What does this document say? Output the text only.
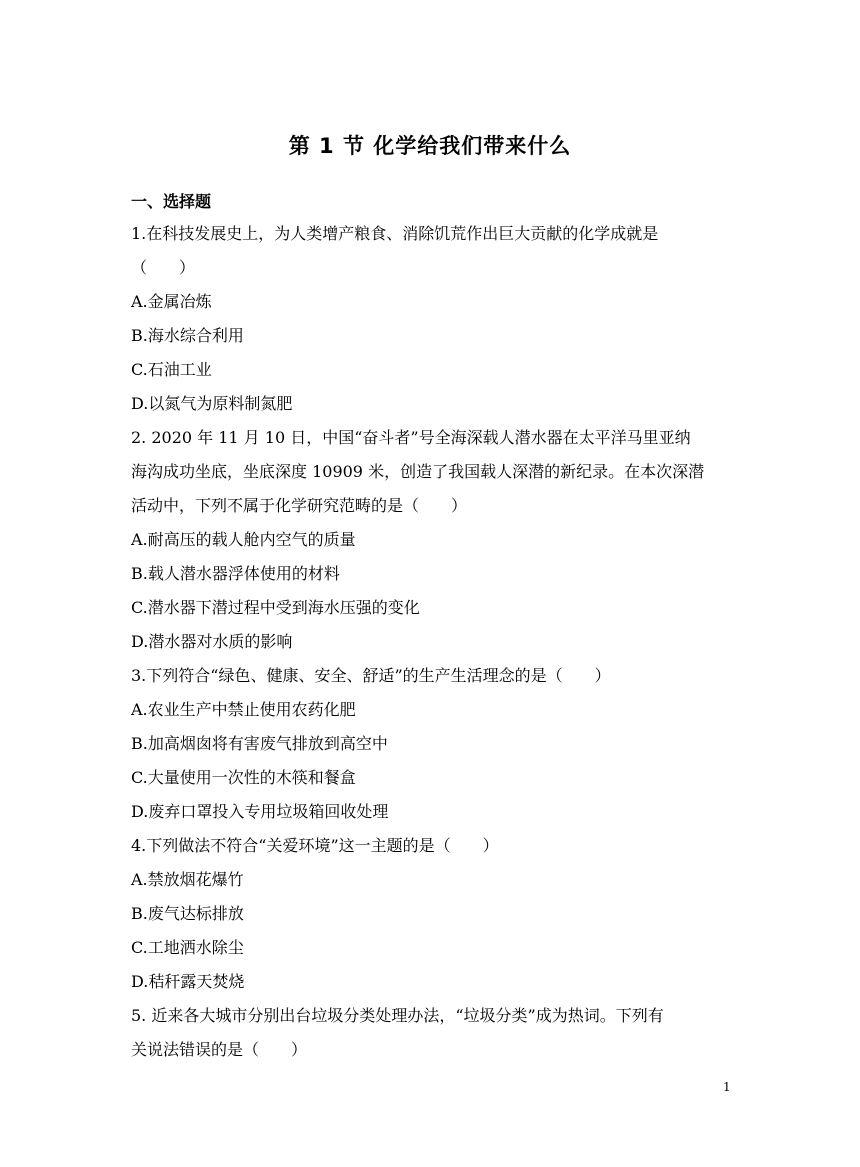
第 1 节 化学给我们带来什么
一、选择题
1.在科技发展史上，为人类增产粮食、消除饥荒作出巨大贡献的化学成就是
（　　）
A.金属冶炼
B.海水综合利用
C.石油工业
D.以氮气为原料制氮肥
2. 2020 年 11 月 10 日，中国“奋斗者”号全海深载人潜水器在太平洋马里亚纳
海沟成功坐底，坐底深度 10909 米，创造了我国载人深潜的新纪录。在本次深潜
活动中，下列不属于化学研究范畴的是（　　）
A.耐高压的载人舱内空气的质量
B.载人潜水器浮体使用的材料
C.潜水器下潜过程中受到海水压强的变化
D.潜水器对水质的影响
3.下列符合“绿色、健康、安全、舒适”的生产生活理念的是（　　）
A.农业生产中禁止使用农药化肥
B.加高烟囱将有害废气排放到高空中
C.大量使用一次性的木筷和餐盒
D.废弃口罩投入专用垃圾箱回收处理
4.下列做法不符合“关爱环境”这一主题的是（　　）
A.禁放烟花爆竹
B.废气达标排放
C.工地洒水除尘
D.秸秆露天焚烧
5. 近来各大城市分别出台垃圾分类处理办法，“垃圾分类”成为热词。下列有
关说法错误的是（　　）
1
